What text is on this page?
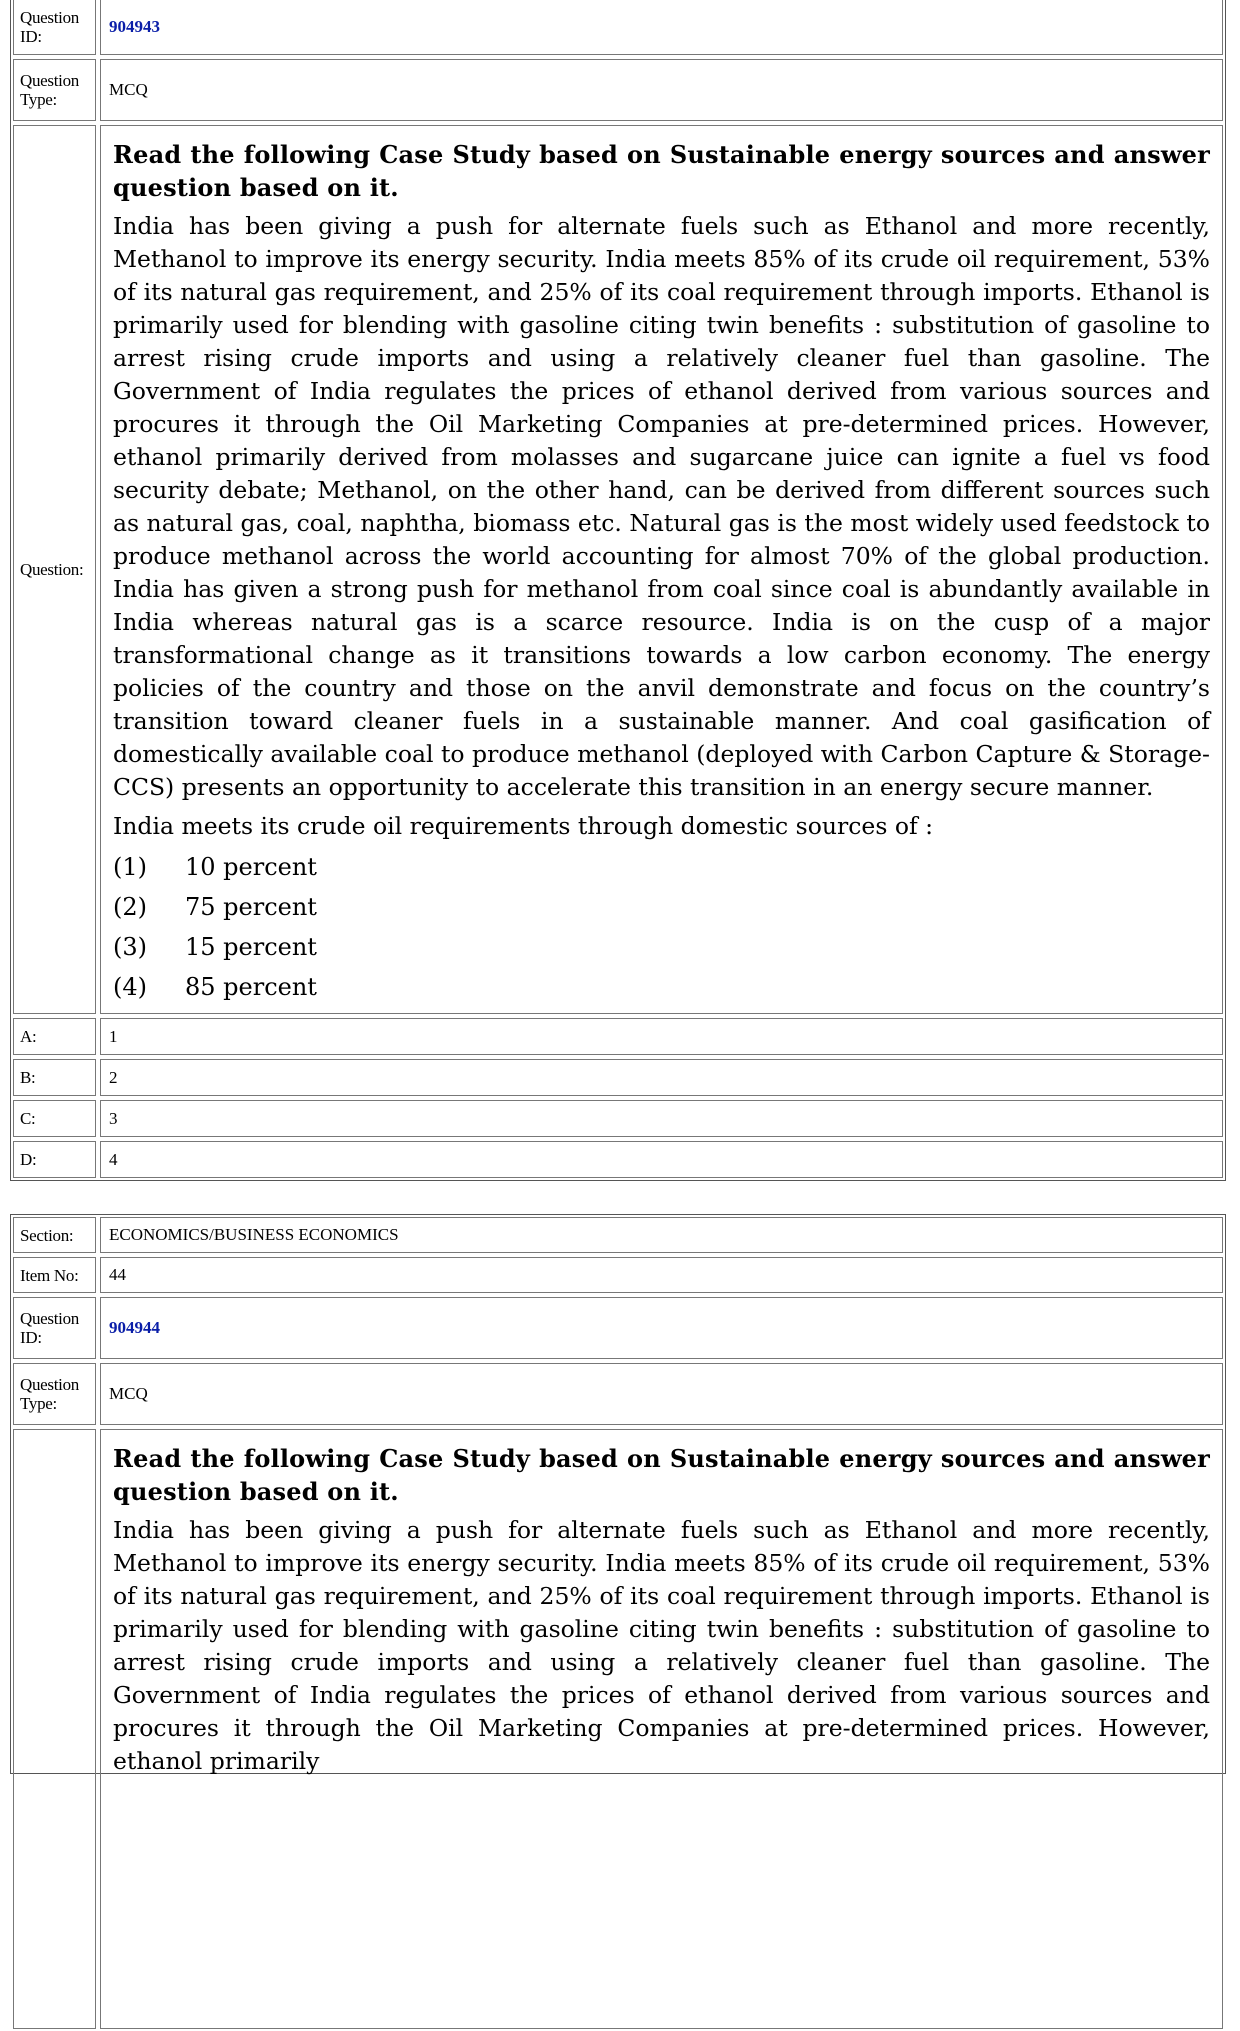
Question ID:
904943
Question Type:
MCQ
Question:

Read the following Case Study based on Sustainable energy sources and answer question based on it.

India has been giving a push for alternate fuels such as Ethanol and more recently, Methanol to improve its energy security. India meets 85% of its crude oil requirement, 53% of its natural gas requirement, and 25% of its coal requirement through imports. Ethanol is primarily used for blending with gasoline citing twin benefits : substitution of gasoline to arrest rising crude imports and using a relatively cleaner fuel than gasoline. The Government of India regulates the prices of ethanol derived from various sources and procures it through the Oil Marketing Companies at pre-determined prices. However, ethanol primarily derived from molasses and sugarcane juice can ignite a fuel vs food security debate; Methanol, on the other hand, can be derived from different sources such as natural gas, coal, naphtha, biomass etc. Natural gas is the most widely used feedstock to produce methanol across the world accounting for almost 70% of the global production. India has given a strong push for methanol from coal since coal is abundantly available in India whereas natural gas is a scarce resource. India is on the cusp of a major transformational change as it transitions towards a low carbon economy. The energy policies of the country and those on the anvil demonstrate and focus on the country’s transition toward cleaner fuels in a sustainable manner. And coal gasification of domestically available coal to produce methanol (deployed with Carbon Capture & Storage-CCS) presents an opportunity to accelerate this transition in an energy secure manner.

India meets its crude oil requirements through domestic sources of :

(1)	10 percent
(2)	75 percent
(3)	15 percent
(4)	85 percent
A:	1
B:	2
C:	3
D:	4
Section:	ECONOMICS/BUSINESS ECONOMICS
Item No:	44
Question ID:
904944
Question Type:
MCQ

Read the following Case Study based on Sustainable energy sources and answer question based on it.

India has been giving a push for alternate fuels such as Ethanol and more recently, Methanol to improve its energy security. India meets 85% of its crude oil requirement, 53% of its natural gas requirement, and 25% of its coal requirement through imports. Ethanol is primarily used for blending with gasoline citing twin benefits : substitution of gasoline to arrest rising crude imports and using a relatively cleaner fuel than gasoline. The Government of India regulates the prices of ethanol derived from various sources and procures it through the Oil Marketing Companies at pre-determined prices. However, ethanol primarily
